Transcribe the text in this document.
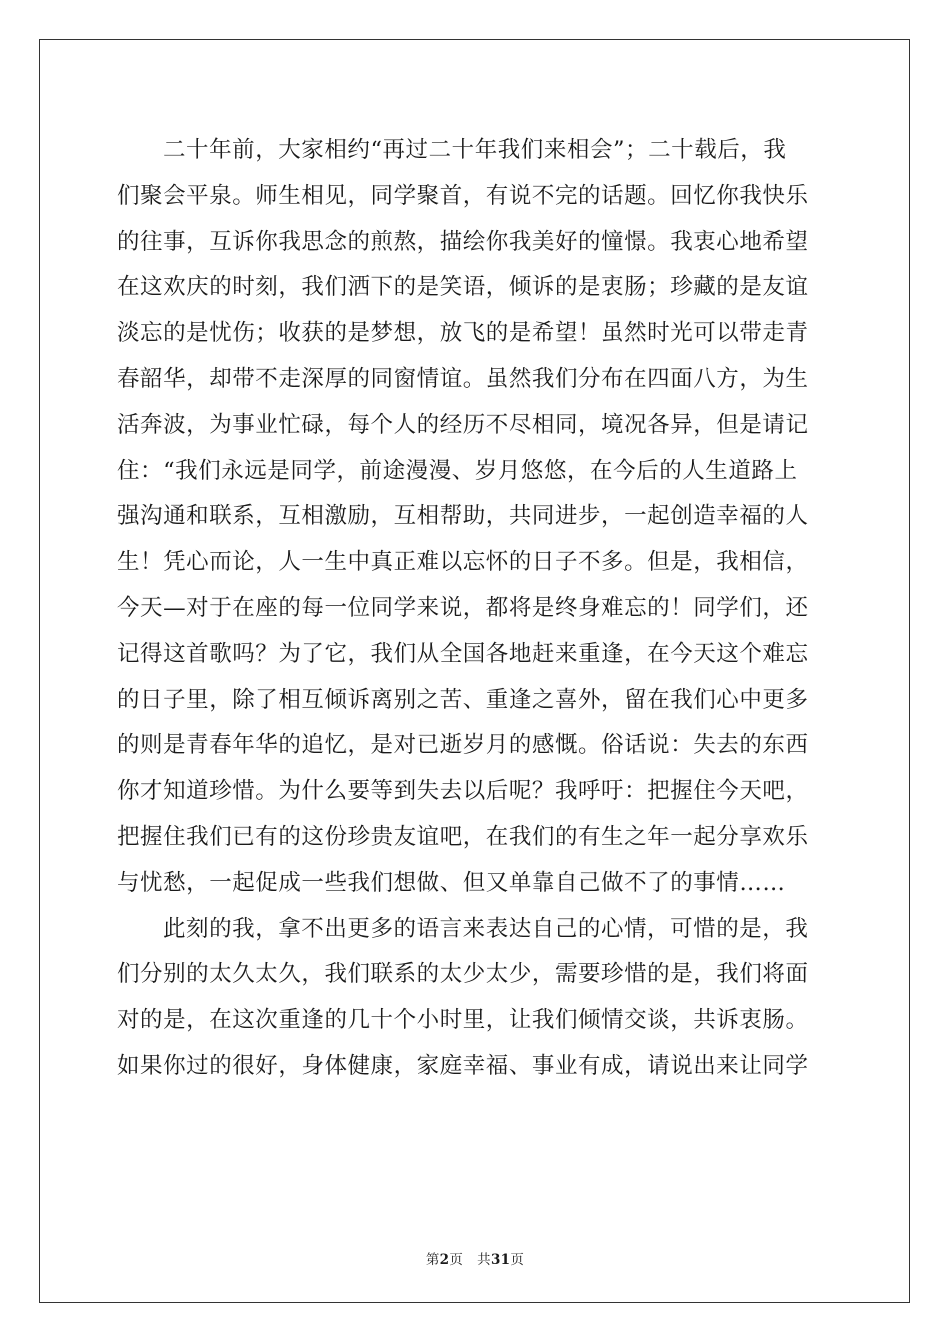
二十年前，大家相约“再过二十年我们来相会”；二十载后，我
们聚会平泉。师生相见，同学聚首，有说不完的话题。回忆你我快乐
的往事，互诉你我思念的煎熬，描绘你我美好的憧憬。我衷心地希望
在这欢庆的时刻，我们洒下的是笑语，倾诉的是衷肠；珍藏的是友谊
淡忘的是忧伤；收获的是梦想，放飞的是希望！虽然时光可以带走青
春韶华，却带不走深厚的同窗情谊。虽然我们分布在四面八方，为生
活奔波，为事业忙碌，每个人的经历不尽相同，境况各异，但是请记
住：“我们永远是同学，前途漫漫、岁月悠悠，在今后的人生道路上
强沟通和联系，互相激励，互相帮助，共同进步，一起创造幸福的人
生！凭心而论，人一生中真正难以忘怀的日子不多。但是，我相信，
今天—对于在座的每一位同学来说，都将是终身难忘的！同学们，还
记得这首歌吗？为了它，我们从全国各地赶来重逢，在今天这个难忘
的日子里，除了相互倾诉离别之苦、重逢之喜外，留在我们心中更多
的则是青春年华的追忆，是对已逝岁月的感慨。俗话说：失去的东西
你才知道珍惜。为什么要等到失去以后呢？我呼吁：把握住今天吧，
把握住我们已有的这份珍贵友谊吧，在我们的有生之年一起分享欢乐
与忧愁，一起促成一些我们想做、但又单靠自己做不了的事情……

此刻的我，拿不出更多的语言来表达自己的心情，可惜的是，我
们分别的太久太久，我们联系的太少太少，需要珍惜的是，我们将面
对的是，在这次重逢的几十个小时里，让我们倾情交谈，共诉衷肠。
如果你过的很好，身体健康，家庭幸福、事业有成，请说出来让同学

第2页 共31页
